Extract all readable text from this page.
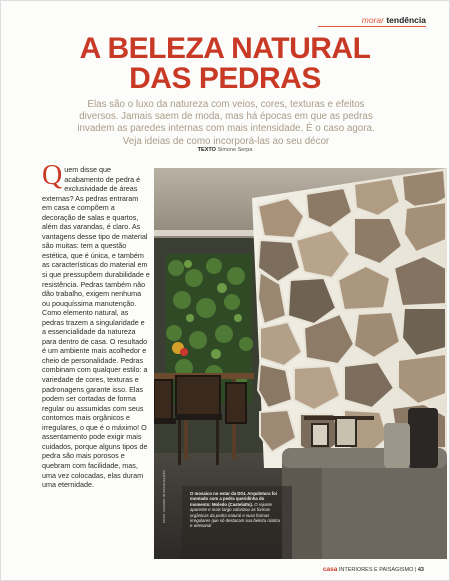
morar tendência
A BELEZA NATURAL
DAS PEDRAS
Elas são o luxo da natureza com veios, cores, texturas e efeitos diversos. Jamais saem de moda, mas há épocas em que as pedras invadem as paredes internas com mais intensidade. É o caso agora. Veja ideias de como incorporá-las ao seu décor
TEXTO Simone Serpa
Quem disse que acabamento de pedra é exclusividade de áreas externas? As pedras entraram em casa e compõem a decoração de salas e quartos, além das varandas, é claro. As vantagens desse tipo de material são muitas: tem a questão estética, que é única, e também as características do material em si que pressupõem durabilidade e resistência. Pedras também não dão trabalho, exigem nenhuma ou pouquíssima manutenção. Como elemento natural, as pedras trazem a singularidade e a essencialidade da natureza para dentro de casa. O resultado é um ambiente mais acolhedor e cheio de personalidade. Pedras combinam com qualquer estilo: a variedade de cores, texturas e padronagens garante isso. Elas podem ser cortadas de forma regular ou assumidas com seus contornos mais orgânicos e irregulares, o que é o máximo! O assentamento pode exigir mais cuidados, porque alguns tipos de pedra são mais porosos e quebram com facilidade, mas, uma vez colocadas, elas duram uma eternidade.	FOTO: FAVARO JR./DIVULGAÇÃO	O mosaico no estar da DGL Arquitetura foi montado com a pedra queridinha do momento: Moledo (Castelatto). O rejunte aparente e mais largo valorizou as formas orgânicas da pedra natural e suas formas irregulares que só destacam sua beleza rústica e artesanal
casa INTERIORES E PAISAGISMO | 43
